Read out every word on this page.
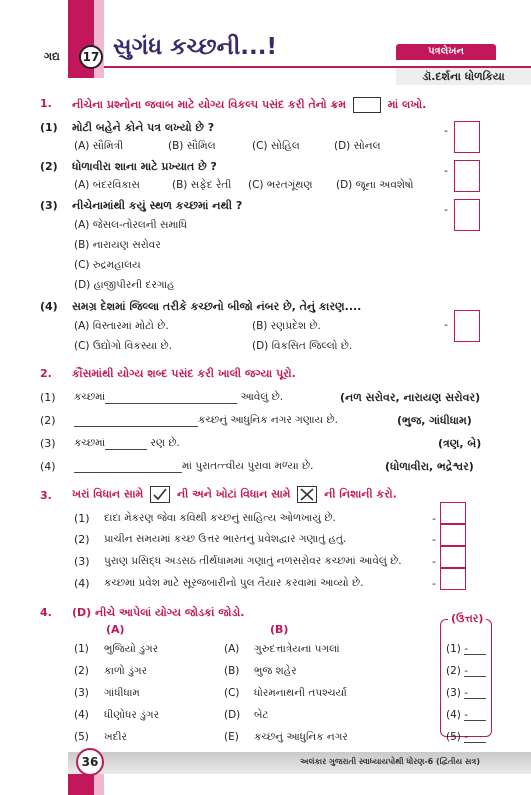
ગદ્ય	17 સુગંધ કચ્છની...!	પત્રલેખન
ડૉ.દર્શના ધોળકિયા
1. નીચેના પ્રશ્નોના જવાબ માટે યોગ્ય વિકલ્પ પસંદ કરી તેનો ક્રમ	માં લખો.
(1) મોટી બહેને કોને પત્ર લખ્યો છે ?
(A) સૌમિત્રી	(B) સૌમિલ	(C) સોહિલ	(D) સોનલ
-
(2) ધોળાવીરા શાના માટે પ્રખ્યાત છે ?
(A) બંદરવિકાસ	(B) સફેદ રેતી (C) ભરતગૂંથણ (D) જૂના અવશેષો
-
(3) નીચેનામાંથી કયું સ્થળ કચ્છમાં નથી ?
(A) જેસલ-તોરલની સમાધિ
(B) નારાયણ સરોવર
(C) રુદ્રમહાલય
(D) હાજીપીરની દરગાહ
-
(4) સમગ્ર દેશમાં જિલ્લા તરીકે કચ્છનો બીજો નંબર છે, તેનું કારણ....
(A) વિસ્તારમાં મોટો છે.	(B) રણપ્રદેશ છે.
(C) ઉદ્યોગો વિકસ્યા છે.	(D) વિકસિત જિલ્લો છે.
-
2. કૌંસમાંથી યોગ્ય શબ્દ પસંદ કરી ખાલી જગ્યા પૂરો.
(1) કચ્છમાં	આવેલું છે.	(નળ સરોવર, નારાયણ સરોવર)
(2)	કચ્છનું આધુનિક નગર ગણાય છે.	(ભુજ, ગાંધીધામ)
(3) કચ્છમાં	રણ છે.	(ત્રણ, બે)
(4)	માં પુરાતત્ત્વીય પુરાવા મળ્યા છે.	(ધોળાવીરા, ભદ્રેશ્વર)
3. ખરાં વિધાન સામે	ની અને ખોટાં વિધાન સામે	ની નિશાની કરો.
(1) દાદા મેકરણ જેવા કવિથી કચ્છનું સાહિત્ય ઓળખાયું છે.	-
(2) પ્રાચીન સમયમાં કચ્છ ઉત્તર ભારતનું પ્રવેશદ્વાર ગણાતું હતું.	-
(3) પુરાણ પ્રસિદ્ધ અડસઠ તીર્થધામમાં ગણાતું નળસરોવર કચ્છમાં આવેલું છે.	-
(4) કચ્છમાં પ્રવેશ માટે સૂરજબારીનો પુલ તૈયાર કરવામાં આવ્યો છે.	-
4. (D) નીચે આપેલાં યોગ્ય જોડકાં જોડો.
(A)	(B)
(ઉત્તર)
(1) ભુજિયો ડુંગર	(A) ગુરુદત્તાત્રેયનાં પગલાં	(1) -
(2) કાળો ડુંગર	(B) ભુજ શહેર	(2) -
(3) ગાંધીધામ	(C) ધોરમનાથની તપશ્ચર્યા	(3) -
(4) ધીણોધર ડુંગર	(D) બેટ	(4) -
(5) ખદીર	(E) કચ્છનું આધુનિક નગર	(5) -
અલંકાર ગુજરાતી સ્વાધ્યાયપોથી ધોરણ-6 (દ્વિતીય સત્ર)
36
